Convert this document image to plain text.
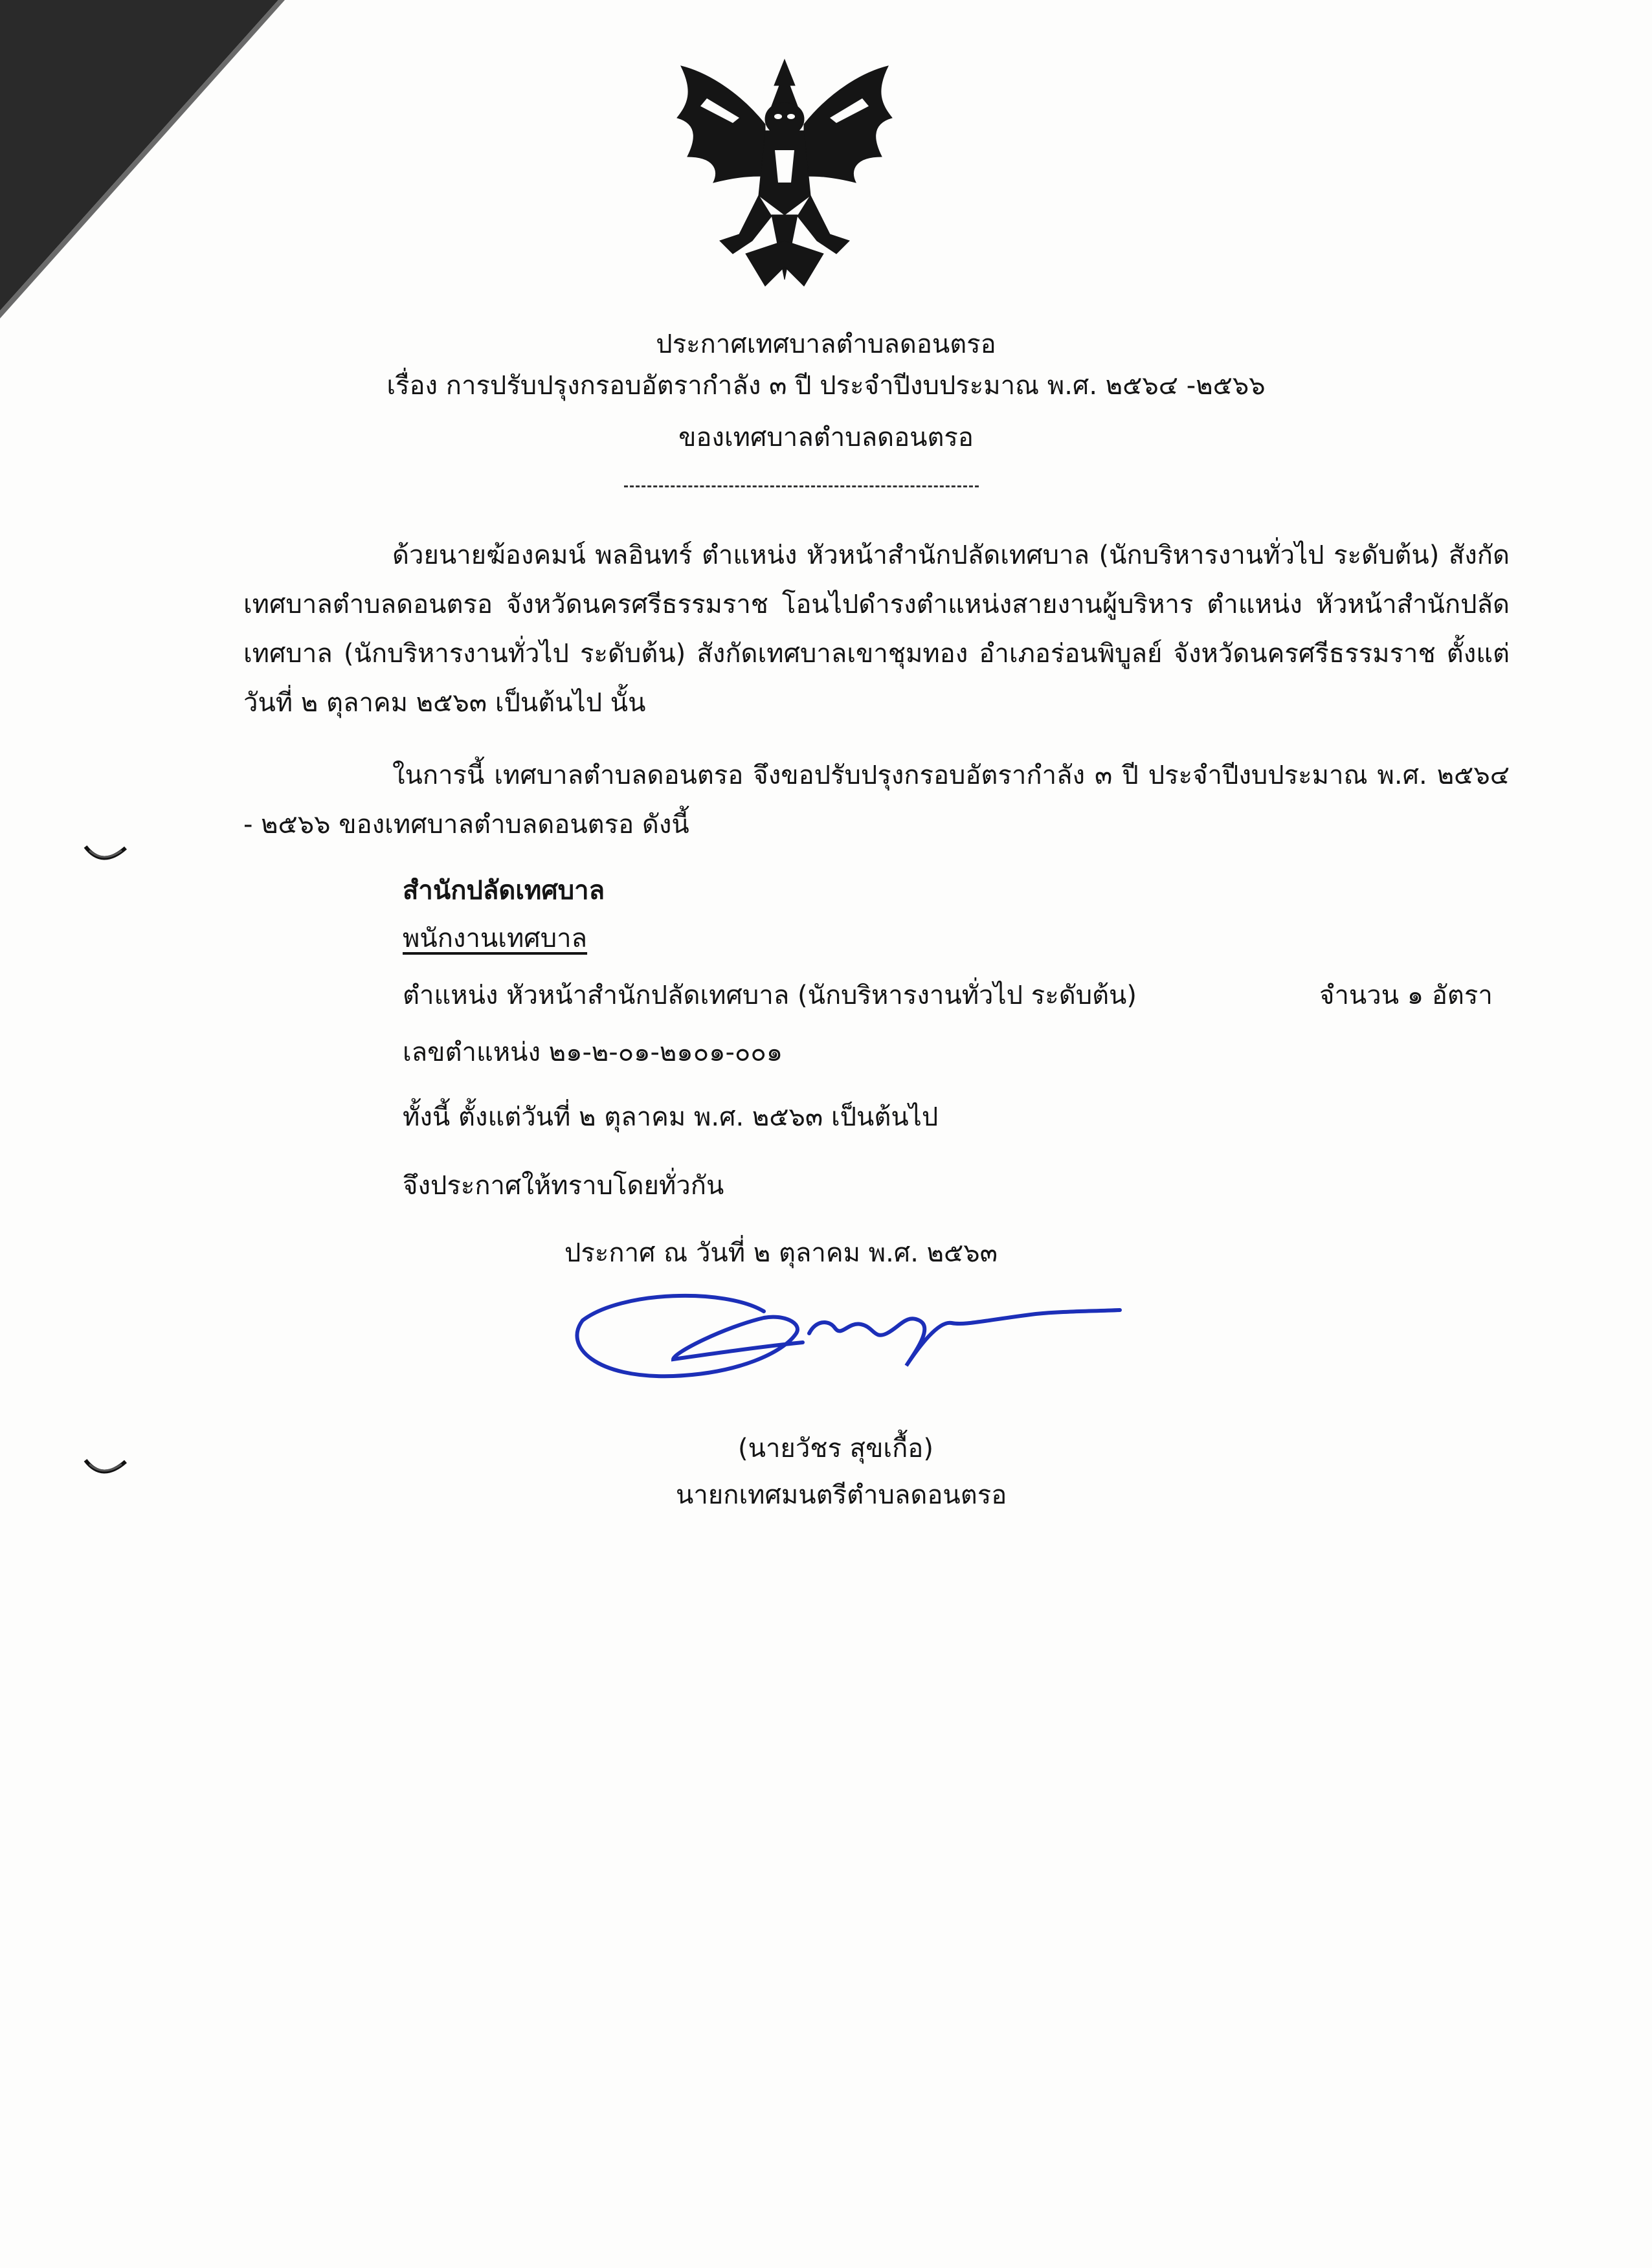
ประกาศเทศบาลตำบลดอนตรอ
เรื่อง การปรับปรุงกรอบอัตรากำลัง ๓ ปี ประจำปีงบประมาณ พ.ศ. ๒๕๖๔ -๒๕๖๖
ของเทศบาลตำบลดอนตรอ
ด้วยนายฆ้องคมน์ พลอินทร์ ตำแหน่ง หัวหน้าสำนักปลัดเทศบาล (นักบริหารงานทั่วไป ระดับต้น) สังกัดเทศบาลตำบลดอนตรอ จังหวัดนครศรีธรรมราช โอนไปดำรงตำแหน่งสายงานผู้บริหาร ตำแหน่ง หัวหน้าสำนักปลัดเทศบาล (นักบริหารงานทั่วไป ระดับต้น) สังกัดเทศบาลเขาชุมทอง อำเภอร่อนพิบูลย์ จังหวัดนครศรีธรรมราช ตั้งแต่วันที่ ๒ ตุลาคม ๒๕๖๓ เป็นต้นไป นั้น
ในการนี้ เทศบาลตำบลดอนตรอ จึงขอปรับปรุงกรอบอัตรากำลัง ๓ ปี ประจำปีงบประมาณ พ.ศ. ๒๕๖๔ - ๒๕๖๖ ของเทศบาลตำบลดอนตรอ ดังนี้
สำนักปลัดเทศบาล
พนักงานเทศบาล
ตำแหน่ง หัวหน้าสำนักปลัดเทศบาล (นักบริหารงานทั่วไป ระดับต้น)	จำนวน ๑ อัตรา
เลขตำแหน่ง ๒๑-๒-๐๑-๒๑๐๑-๐๐๑
ทั้งนี้ ตั้งแต่วันที่ ๒ ตุลาคม พ.ศ. ๒๕๖๓ เป็นต้นไป
จึงประกาศให้ทราบโดยทั่วกัน
ประกาศ ณ วันที่ ๒ ตุลาคม พ.ศ. ๒๕๖๓
(นายวัชร สุขเกื้อ)
นายกเทศมนตรีตำบลดอนตรอ
